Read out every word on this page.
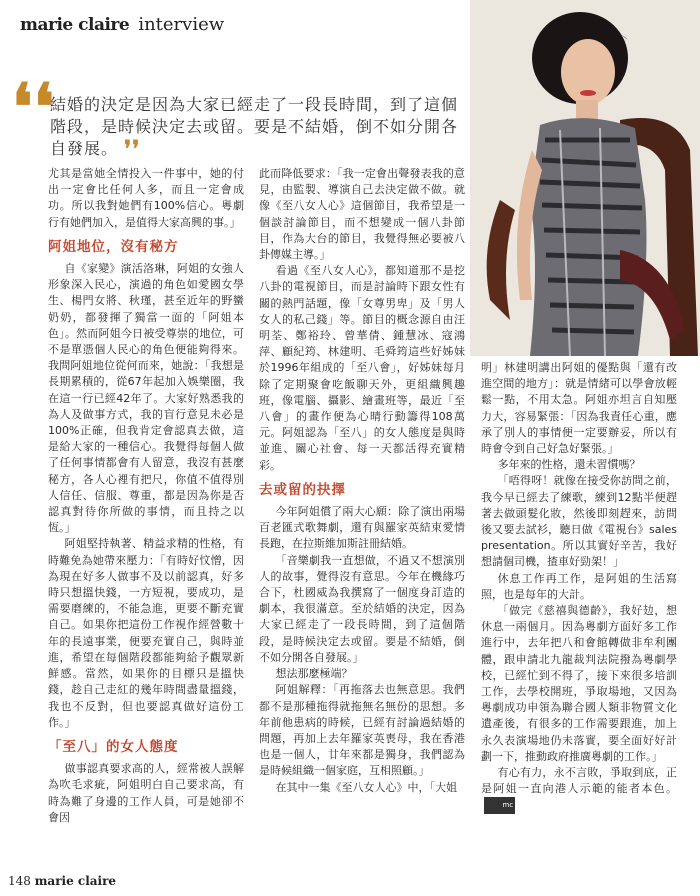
marie claire interview
❛❛
結婚的決定是因為大家已經走了一段長時間，到了這個階段，是時候決定去或留。要是不結婚，倒不如分開各自發展。 ❜❜

尤其是當她全情投入一件事中，她的付出一定會比任何人多，而且一定會成功。所以我對她們有100%信心。粵劇行有她們加入，是值得大家高興的事。」

阿姐地位，沒有秘方

自《家變》演活洛琳，阿姐的女強人形象深入民心，演過的角色如愛國女學生、楊門女將、秋瑾，甚至近年的野蠻奶奶，都發揮了獨當一面的「阿姐本色」。然而阿姐今日被受尊崇的地位，可不是單憑個人民心的角色便能夠得來。我問阿姐地位從何而來，她說：「我想是長期累積的，從67年起加入娛樂圈，我在這一行已經42年了。大家好熟悉我的為人及做事方式，我的盲行意見未必是100%正確，但我肯定會認真去做，這是給大家的一種信心。我覺得每個人做了任何事情都會有人留意，我沒有甚麼秘方，各人心裡有把尺，你值不值得別人信任、信服、尊重，都是因為你是否認真對待你所做的事情，而且持之以恆。」

阿姐堅持執著、精益求精的性格，有時難免為她帶來壓力：「有時好忟憎，因為現在好多人做事不及以前認真，好多時只想搵快錢，一方短視，要成功，是需要磨練的，不能急進，更要不斷充實自己。如果你把這份工作視作經營數十年的長遠事業，便要充實自己，與時並進，希望在每個階段都能夠給予觀眾新鮮感。當然，如果你的目標只是搵快錢，趁自己走紅的幾年時間盡量搵錢，我也不反對，但也要認真做好這份工作。」

「至八」的女人態度

做事認真要求高的人，經常被人誤解為吹毛求疵，阿姐明白自己要求高，有時為難了身邊的工作人員，可是她卻不會因

此而降低要求：「我一定會出聲發表我的意見，由監製、導演自己去決定做不做。就像《至八女人心》這個節目，我希望是一個談討論節目，而不想變成一個八卦節目，作為大台的節目，我覺得無必要被八卦傳媒主導。」

看過《至八女人心》，都知道那不是挖八卦的電視節目，而是討論時下跟女性有關的熱門話題，像「女尊男卑」及「男人女人的私己錢」等。節目的概念源自由汪明荃、鄭裕玲、曾華倩、鍾慧冰、寇鴻萍、顧紀筠、林建明、毛舜筠這些好姊妹於1996年組成的「至八會」，好姊妹每月除了定期聚會吃飯聊天外，更組織興趣班，像電腦、攝影、繪畫班等，最近「至八會」的畫作便為心晴行動籌得108萬元。阿姐認為「至八」的女人態度是與時並進、關心社會、每一天都活得充實精彩。

去或留的抉擇

今年阿姐償了兩大心願：除了演出兩場百老匯式歌舞劇，還有與羅家英結束愛情長跑，在拉斯維加斯註冊結婚。

「音樂劇我一直想做，不過又不想演別人的故事，覺得沒有意思。今年在機緣巧合下，杜國威為我撰寫了一個度身訂造的劇本，我很滿意。至於結婚的決定，因為大家已經走了一段長時間，到了這個階段，是時候決定去或留。要是不結婚，倒不如分開各自發展。」

想法那麼極端？

阿姐解釋：「再拖落去也無意思。我們都不是那種拖得就拖無名無份的思想。多年前他患病的時候，已經有討論過結婚的問題，再加上去年羅家英喪母，我在香港也是一個人，廿年來都是獨身，我們認為是時候組織一個家庭，互相照顧。」

在其中一集《至八女人心》中，「大姐

明」林建明講出阿姐的優點與「還有改進空間的地方」：就是情緒可以學會放輕鬆一點，不用太急。阿姐亦坦言自知壓力大，容易緊張：「因為我責任心重，應承了別人的事情便一定要辦妥，所以有時會令到自己好急好緊張。」

多年來的性格，還未習慣嗎？

「唔得呀！就像在接受你訪問之前，我今早已經去了練歌，練到12點半便趕著去做頭髮化妝，然後即刻趕來，訪問後又要去試衫，聽日做《電視台》sales presentation。所以其實好辛苦，我好想請個司機，揸車好勁架！」

休息工作再工作，是阿姐的生活寫照，也是每年的大計。

「做完《慈禧與德齡》，我好攰，想休息一兩個月。因為粵劇方面好多工作進行中，去年把八和會館轉做非牟利團體，跟申請北九龍裁判法院撥為粵劇學校，已經忙到不得了，接下來很多培訓工作，去學校開班，爭取場地，又因為粵劇成功申領為聯合國人類非物質文化遺產後，有很多的工作需要跟進，加上永久表演場地仍未落實，要全面好好計劃一下，推動政府推廣粵劇的工作。」

有心有力，永不言敗，爭取到底，正是阿姐一直向港人示範的能者本色。mc

148 marie claire
